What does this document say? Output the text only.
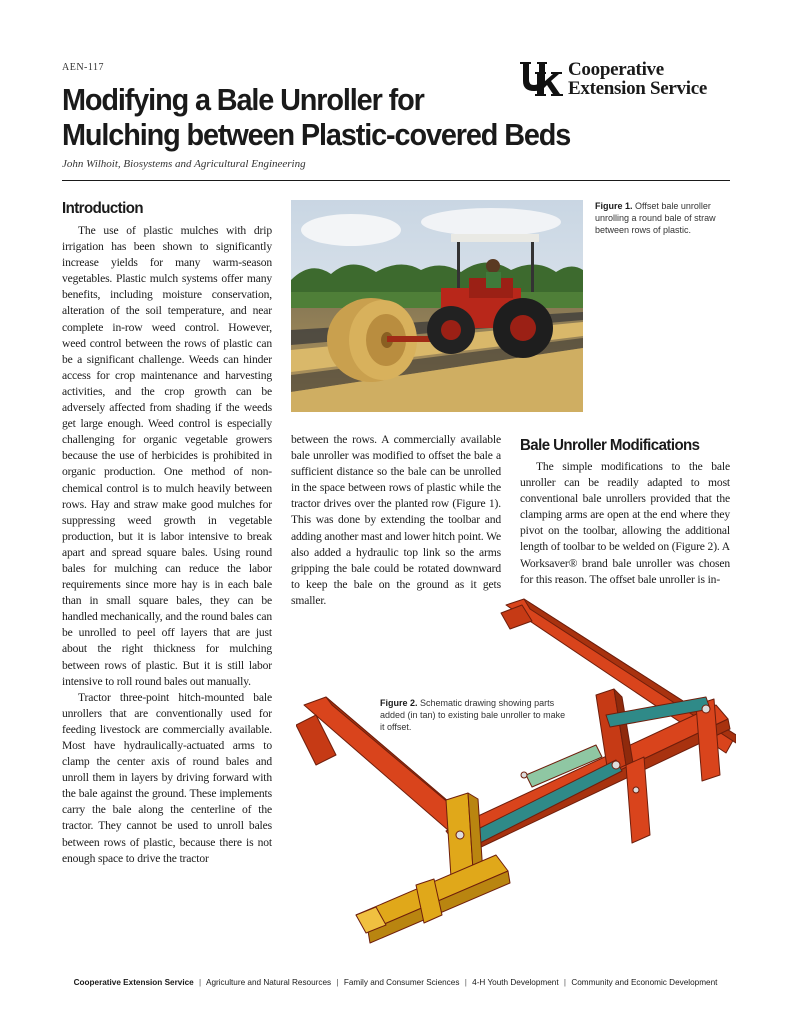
AEN-117
Modifying a Bale Unroller for
Mulching between Plastic-covered Beds
John Wilhoit, Biosystems and Agricultural Engineering
Cooperative
Extension Service
Introduction

The use of plastic mulches with drip irrigation has been shown to significantly increase yields for many warm-season vegetables. Plastic mulch systems offer many benefits, including moisture conservation, alteration of the soil temperature, and near complete in-row weed control. However, weed control between the rows of plastic can be a significant challenge. Weeds can hinder access for crop maintenance and harvesting activities, and the crop growth can be adversely affected from shading if the weeds get large enough. Weed control is especially challenging for organic vegetable growers because the use of herbicides is prohibited in organic production. One method of non-chemical control is to mulch heavily between rows. Hay and straw make good mulches for suppressing weed growth in vegetable production, but it is labor intensive to break apart and spread square bales. Using round bales for mulching can reduce the labor requirements since more hay is in each bale than in small square bales, they can be handled mechanically, and the round bales can be unrolled to peel off layers that are just about the right thickness for mulching between rows of plastic. But it is still labor intensive to roll round bales out manually.

Tractor three-point hitch-mounted bale unrollers that are conventionally used for feeding livestock are commercially available. Most have hydraulically-actuated arms to clamp the center axis of round bales and unroll them in layers by driving forward with the bale against the ground. These implements carry the bale along the centerline of the tractor. They cannot be used to unroll bales between rows of plastic, because there is not enough space to drive the tractor

Figure 1. Offset bale unroller unrolling a round bale of straw between rows of plastic.

between the rows. A commercially available bale unroller was modified to offset the bale a sufficient distance so the bale can be unrolled in the space between rows of plastic while the tractor drives over the planted row (Figure 1). This was done by extending the toolbar and adding another mast and lower hitch point. We also added a hydraulic top link so the arms gripping the bale could be rotated downward to keep the bale on the ground as it gets smaller.

Bale Unroller Modifications

The simple modifications to the bale unroller can be readily adapted to most conventional bale unrollers provided that the clamping arms are open at the end where they pivot on the toolbar, allowing the additional length of toolbar to be welded on (Figure 2). A Worksaver® brand bale unroller was chosen for this reason. The offset bale unroller is in-

Figure 2. Schematic drawing showing parts added (in tan) to existing bale unroller to make it offset.
Cooperative Extension Service | Agriculture and Natural Resources | Family and Consumer Sciences | 4-H Youth Development | Community and Economic Development
